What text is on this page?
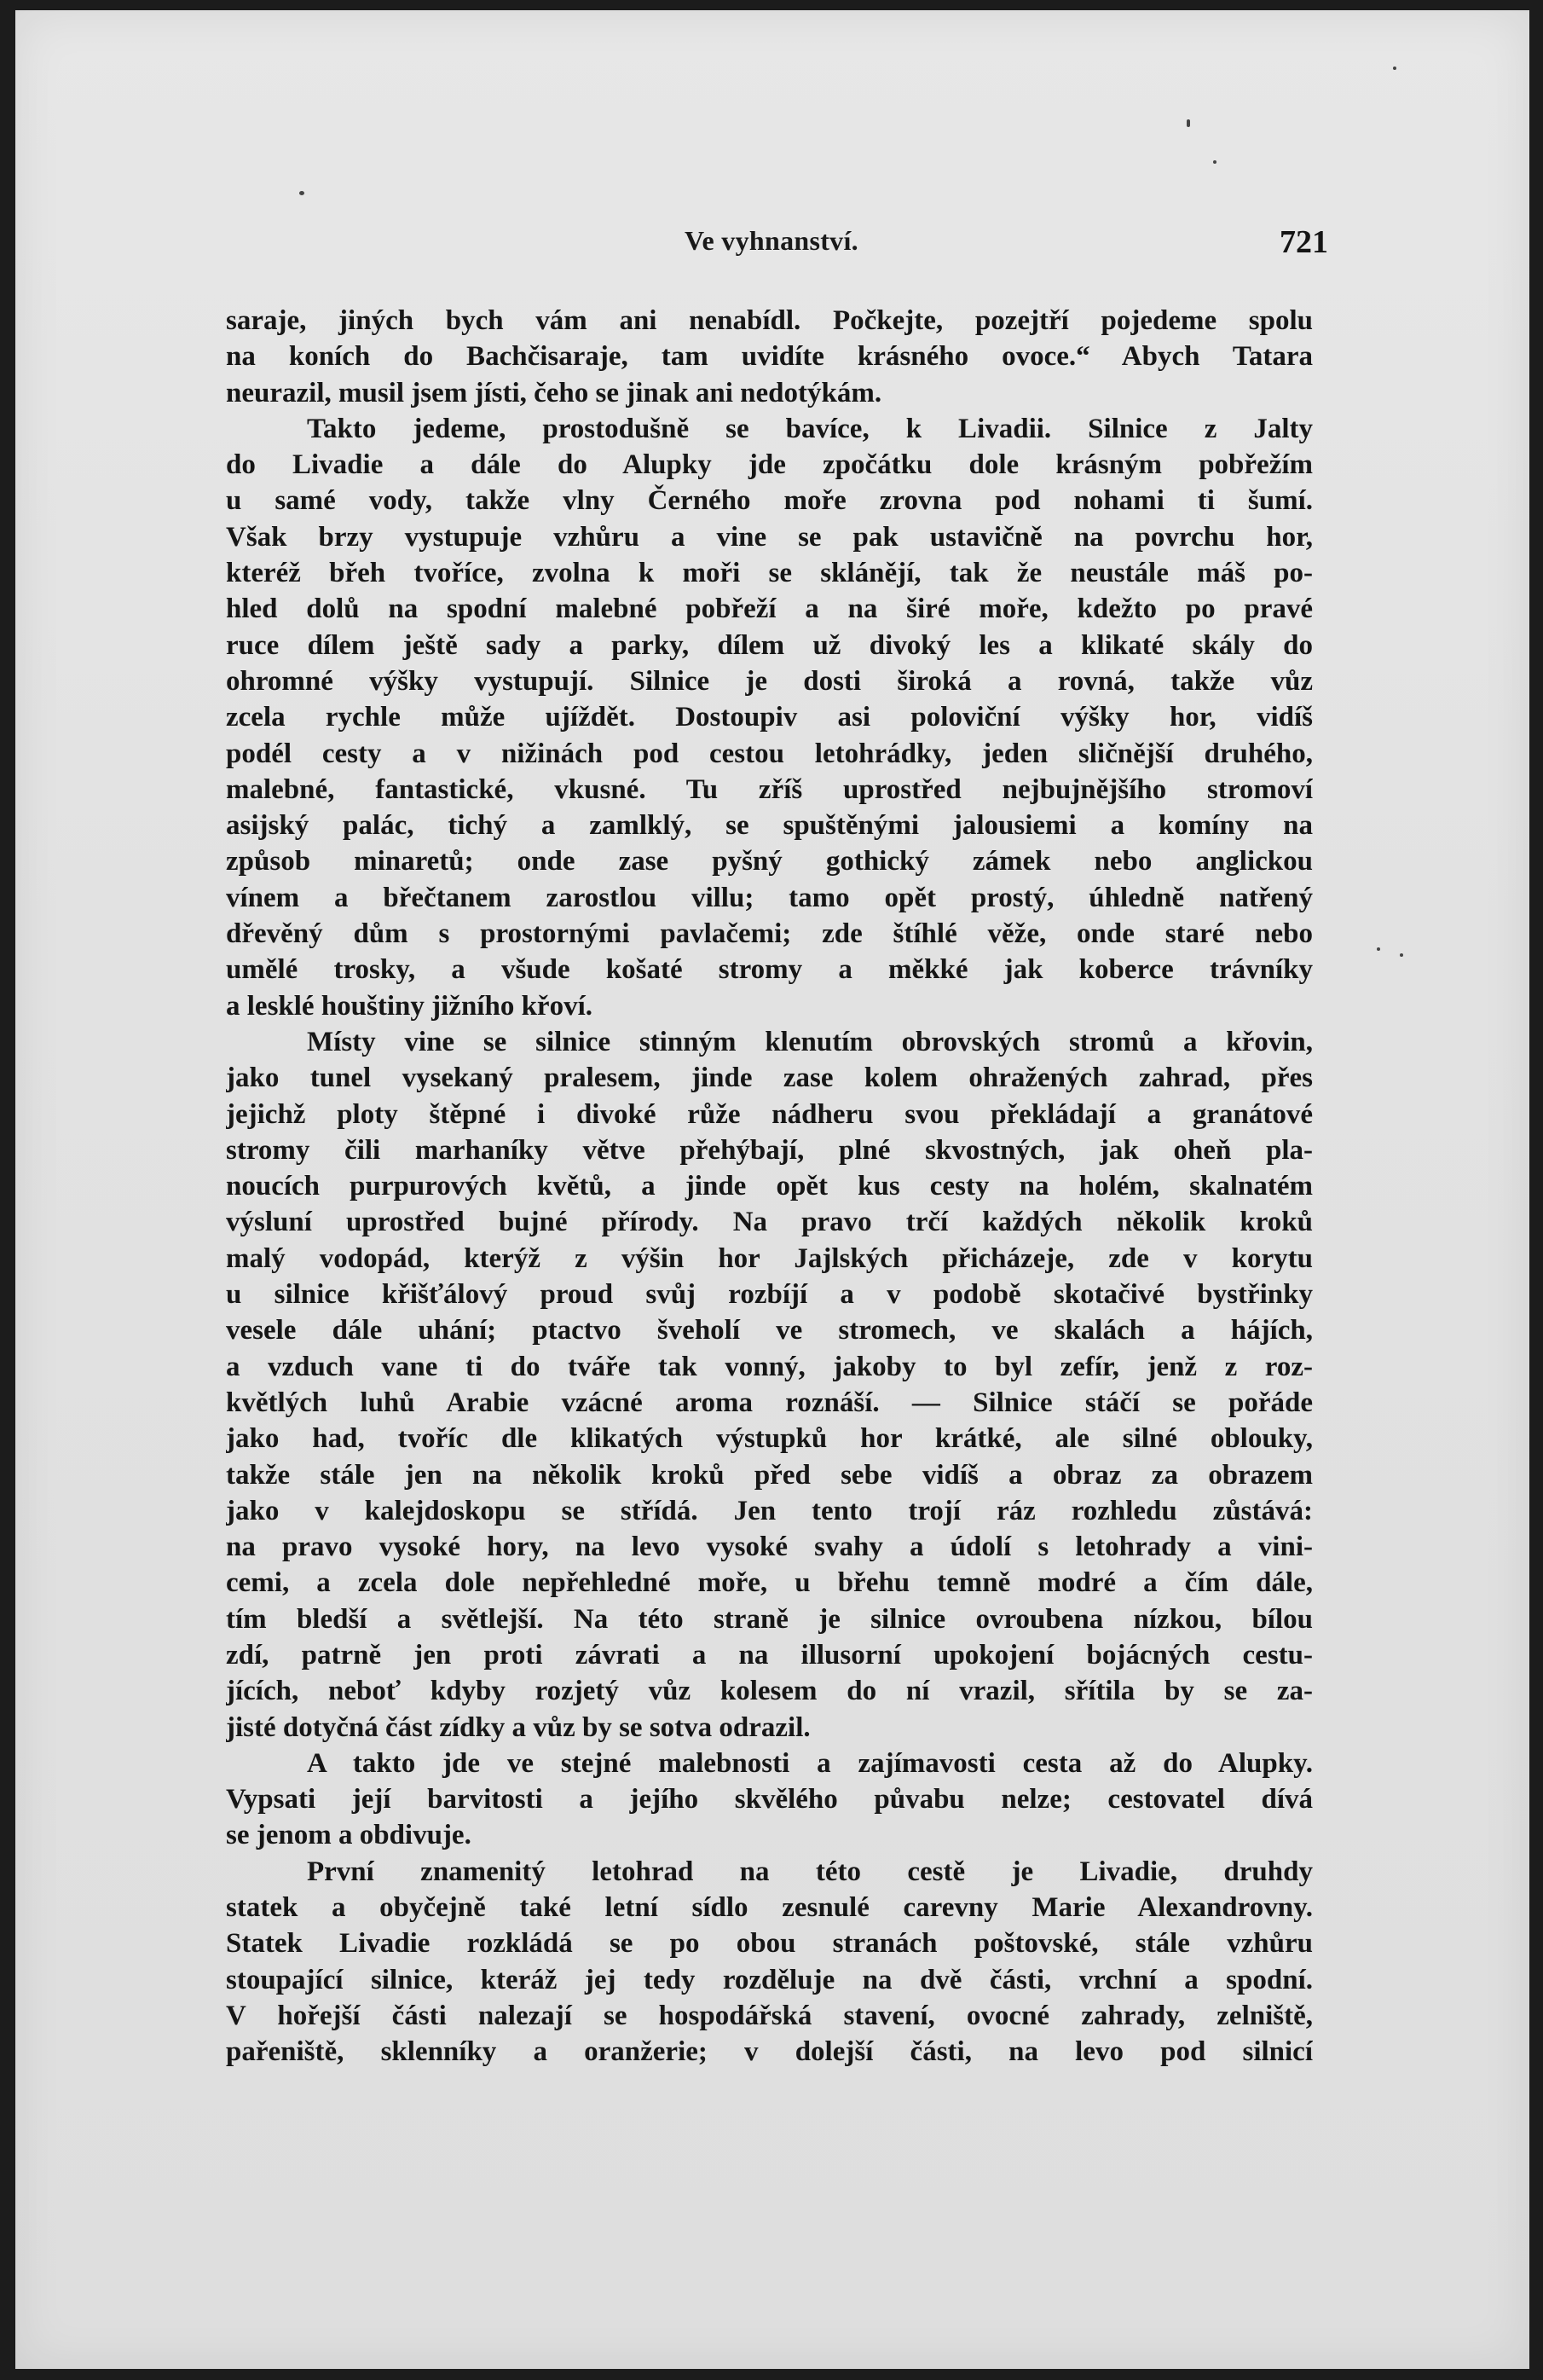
Ve vyhnanství.	721
saraje, jiných bych vám ani nenabídl. Počkejte, pozejtří pojedeme spolu
na koních do Bachčisaraje, tam uvidíte krásného ovoce.“ Abych Tatara
neurazil, musil jsem jísti, čeho se jinak ani nedotýkám.
Takto jedeme, prostodušně se bavíce, k Livadii. Silnice z Jalty
do Livadie a dále do Alupky jde zpočátku dole krásným pobřežím
u samé vody, takže vlny Černého moře zrovna pod nohami ti šumí.
Však brzy vystupuje vzhůru a vine se pak ustavičně na povrchu hor,
kteréž břeh tvoříce, zvolna k moři se sklánějí, tak že neustále máš po-
hled dolů na spodní malebné pobřeží a na širé moře, kdežto po pravé
ruce dílem ještě sady a parky, dílem už divoký les a klikaté skály do
ohromné výšky vystupují. Silnice je dosti široká a rovná, takže vůz
zcela rychle může ujíždět. Dostoupiv asi poloviční výšky hor, vidíš
podél cesty a v nižinách pod cestou letohrádky, jeden sličnější druhého,
malebné, fantastické, vkusné. Tu zříš uprostřed nejbujnějšího stromoví
asijský palác, tichý a zamlklý, se spuštěnými jalousiemi a komíny na
způsob minaretů; onde zase pyšný gothický zámek nebo anglickou
vínem a břečtanem zarostlou villu; tamo opět prostý, úhledně natřený
dřevěný dům s prostornými pavlačemi; zde štíhlé věže, onde staré nebo
umělé trosky, a všude košaté stromy a měkké jak koberce trávníky
a lesklé houštiny jižního křoví.
Místy vine se silnice stinným klenutím obrovských stromů a křovin,
jako tunel vysekaný pralesem, jinde zase kolem ohražených zahrad, přes
jejichž ploty štěpné i divoké růže nádheru svou překládají a granátové
stromy čili marhaníky větve přehýbají, plné skvostných, jak oheň pla-
noucích purpurových květů, a jinde opět kus cesty na holém, skalnatém
výsluní uprostřed bujné přírody. Na pravo trčí každých několik kroků
malý vodopád, kterýž z výšin hor Jajlských přicházeje, zde v korytu
u silnice křišťálový proud svůj rozbíjí a v podobě skotačivé bystřinky
vesele dále uhání; ptactvo šveholí ve stromech, ve skalách a hájích,
a vzduch vane ti do tváře tak vonný, jakoby to byl zefír, jenž z roz-
květlých luhů Arabie vzácné aroma roznáší. — Silnice stáčí se pořáde
jako had, tvoříc dle klikatých výstupků hor krátké, ale silné oblouky,
takže stále jen na několik kroků před sebe vidíš a obraz za obrazem
jako v kalejdoskopu se střídá. Jen tento trojí ráz rozhledu zůstává:
na pravo vysoké hory, na levo vysoké svahy a údolí s letohrady a vini-
cemi, a zcela dole nepřehledné moře, u břehu temně modré a čím dále,
tím bledší a světlejší. Na této straně je silnice ovroubena nízkou, bílou
zdí, patrně jen proti závrati a na illusorní upokojení bojácných cestu-
jících, neboť kdyby rozjetý vůz kolesem do ní vrazil, sřítila by se za-
jisté dotyčná část zídky a vůz by se sotva odrazil.
A takto jde ve stejné malebnosti a zajímavosti cesta až do Alupky.
Vypsati její barvitosti a jejího skvělého půvabu nelze; cestovatel dívá
se jenom a obdivuje.
První znamenitý letohrad na této cestě je Livadie, druhdy
statek a obyčejně také letní sídlo zesnulé carevny Marie Alexandrovny.
Statek Livadie rozkládá se po obou stranách poštovské, stále vzhůru
stoupající silnice, kteráž jej tedy rozděluje na dvě části, vrchní a spodní.
V hořejší části nalezají se hospodářská stavení, ovocné zahrady, zelniště,
pařeniště, sklenníky a oranžerie; v dolejší části, na levo pod silnicí
